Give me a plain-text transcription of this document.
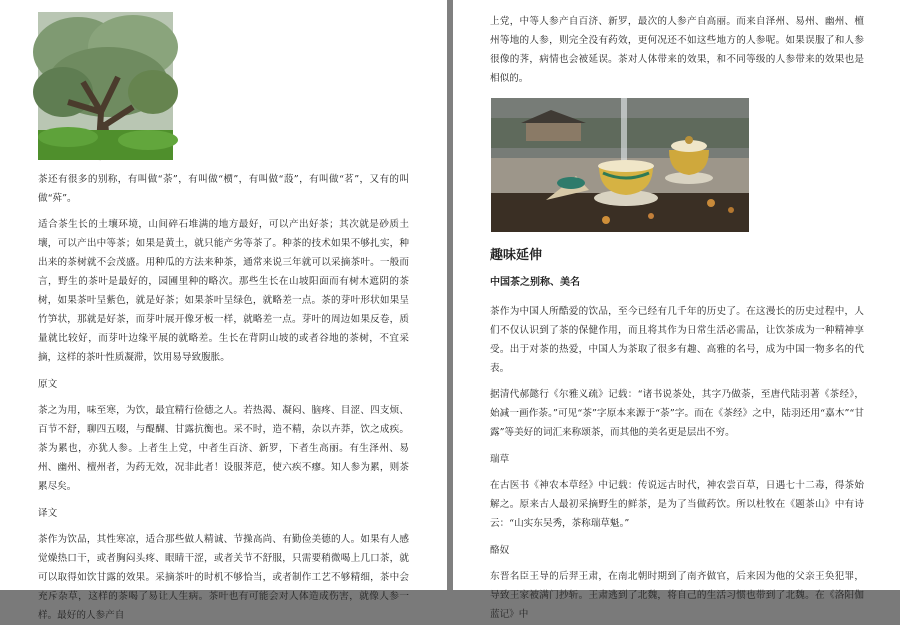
茶还有很多的别称，有叫做“荼”，有叫做“槚”，有叫做“蔎”，有叫做“茗”，又有的叫做“荈”。

适合茶生长的土壤环境，山间碎石堆满的地方最好，可以产出好茶；其次就是砂质土壤，可以产出中等茶；如果是黄土，就只能产劣等茶了。种茶的技术如果不够扎实，种出来的茶树就不会茂盛。用种瓜的方法来种茶，通常来说三年就可以采摘茶叶。一般而言，野生的茶叶是最好的，园圃里种的略次。那些生长在山坡阳面而有树木遮阴的茶树，如果茶叶呈紫色，就是好茶；如果茶叶呈绿色，就略差一点。茶的芽叶形状如果呈竹笋状，那就是好茶，而芽叶展开像牙板一样，就略差一点。芽叶的周边如果反卷，质量就比较好，而芽叶边缘平展的就略差。生长在背阴山坡的或者谷地的茶树，不宜采摘，这样的茶叶性质凝滞，饮用易导致腹胀。

原文

茶之为用，味至寒，为饮，最宜精行俭德之人。若热渴、凝闷、脑疼、目涩、四支烦、百节不舒，聊四五啜，与醍醐、甘露抗衡也。采不时，造不精，杂以卉莽，饮之成疾。茶为累也，亦犹人参。上者生上党，中者生百济、新罗，下者生高丽。有生泽州、易州、幽州、檀州者，为药无效，况非此者！设服荠苨，使六疾不瘳。知人参为累，则茶累尽矣。

译文

茶作为饮品，其性寒凉，适合那些做人精诚、节操高尚、有勤俭美德的人。如果有人感觉燥热口干，或者胸闷头疼、眼睛干涩，或者关节不舒服，只需要稍微喝上几口茶，就可以取得如饮甘露的效果。采摘茶叶的时机不够恰当，或者制作工艺不够精细，茶中会充斥杂草，这样的茶喝了易让人生病。茶叶也有可能会对人体造成伤害，就像人参一样。最好的人参产自

上党，中等人参产自百济、新罗，最次的人参产自高丽。而来自泽州、易州、幽州、檀州等地的人参，则完全没有药效，更何况还不如这些地方的人参呢。如果误服了和人参很像的荠，病情也会被延误。茶对人体带来的效果，和不同等级的人参带来的效果也是相似的。

趣味延伸
中国茶之别称、美名

茶作为中国人所酷爱的饮品，至今已经有几千年的历史了。在这漫长的历史过程中，人们不仅认识到了茶的保健作用，而且将其作为日常生活必需品，让饮茶成为一种精神享受。出于对茶的热爱，中国人为茶取了很多有趣、高雅的名号，成为中国一物多名的代表。

据清代郝懿行《尔雅义疏》记载：“诸书说茶处，其字乃做荼，至唐代陆羽著《茶经》，始减一画作荼。”可见“茶”字原本来源于“荼”字。而在《茶经》之中，陆羽还用“嘉木”“甘露”等美好的词汇来称颂茶，而其他的美名更是层出不穷。

瑞草

在古医书《神农本草经》中记载：传说远古时代，神农尝百草，日遇七十二毒，得茶始解之。原来古人最初采摘野生的鲜茶，是为了当做药饮。所以杜牧在《题茶山》中有诗云：“山实东吴秀，茶称瑞草魁。”

酪奴

东晋名臣王导的后羿王肃，在南北朝时期到了南齐做官，后来因为他的父亲王奂犯罪，导致王家被满门抄斩。王肃逃到了北魏，将自己的生活习惯也带到了北魏。在《洛阳伽蓝记》中
